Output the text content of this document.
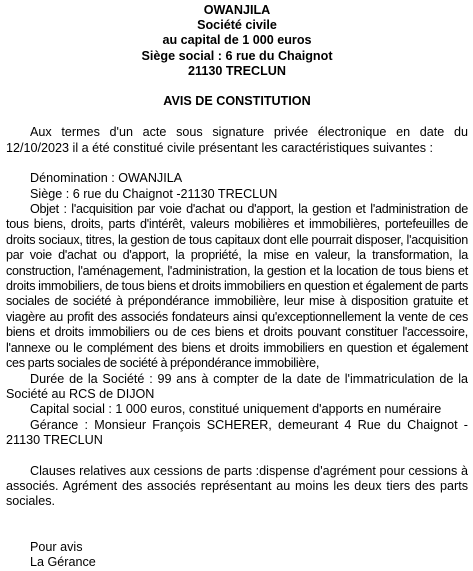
OWANJILA
Société civile
au capital de 1 000 euros
Siège social : 6 rue du Chaignot
21130 TRECLUN
AVIS DE CONSTITUTION

Aux termes d'un acte sous signature privée électronique en date du 12/10/2023 il a été constitué civile présentant les caractéristiques suivantes :

Dénomination : OWANJILA

Siège : 6 rue du Chaignot -21130 TRECLUN

Objet : l'acquisition par voie d'achat ou d'apport, la gestion et l'administration de tous biens, droits, parts d'intérêt, valeurs mobilières et immobilières, portefeuilles de droits sociaux, titres, la gestion de tous capitaux dont elle pourrait disposer, l'acquisition par voie d'achat ou d'apport, la propriété, la mise en valeur, la transformation, la construction, l'aménagement, l'administration, la gestion et la location de tous biens et droits immobiliers, de tous biens et droits immobiliers en question et également de parts sociales de société à prépondérance immobilière, leur mise à disposition gratuite et viagère au profit des associés fondateurs ainsi qu'exceptionnellement la vente de ces biens et droits immobiliers ou de ces biens et droits pouvant constituer l'accessoire, l'annexe ou le complément des biens et droits immobiliers en question et également ces parts sociales de société à prépondérance immobilière,

Durée de la Société : 99 ans à compter de la date de l'immatriculation de la Société au RCS de DIJON

Capital social : 1 000 euros, constitué uniquement d'apports en numéraire

Gérance : Monsieur François SCHERER, demeurant 4 Rue du Chaignot - 21130 TRECLUN

Clauses relatives aux cessions de parts :dispense d'agrément pour cessions à associés. Agrément des associés représentant au moins les deux tiers des parts sociales.

Pour avis
La Gérance
